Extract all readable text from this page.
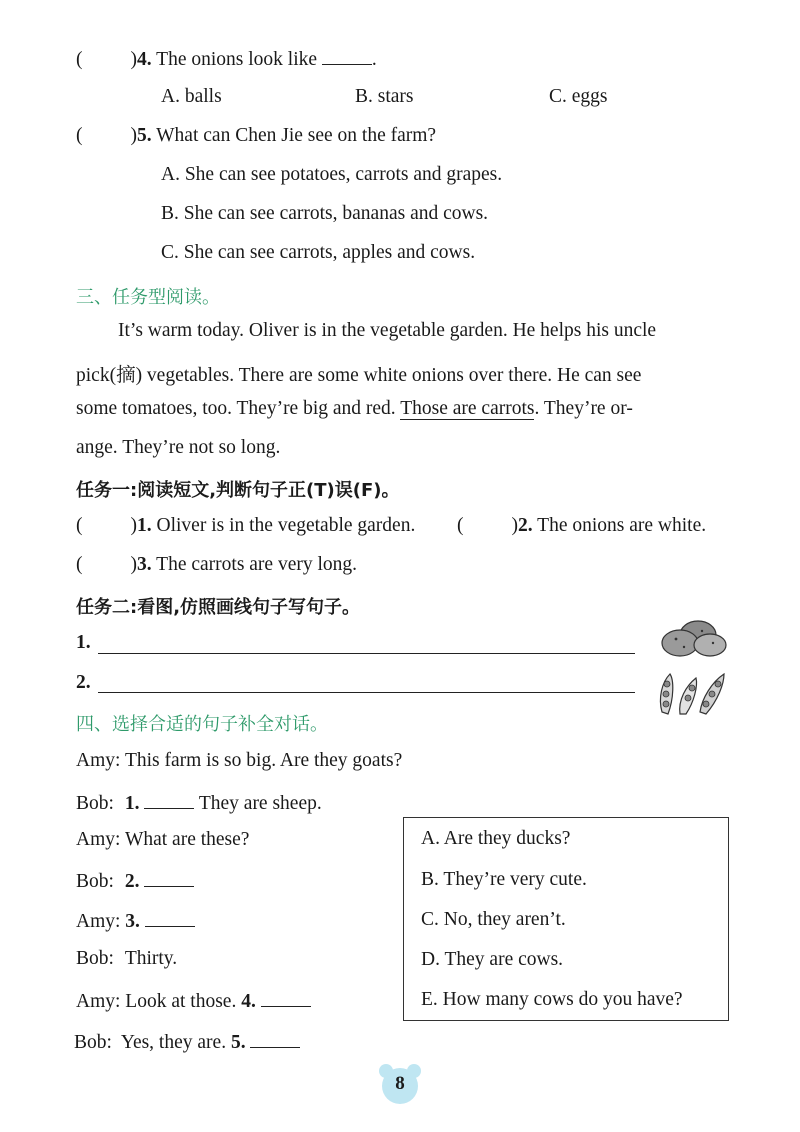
( )4. The onions look like	.
A. balls	B. stars	C. eggs
( )5. What can Chen Jie see on the farm?
A. She can see potatoes, carrots and grapes.
B. She can see carrots, bananas and cows.
C. She can see carrots, apples and cows.
三、任务型阅读。
It’s warm today. Oliver is in the vegetable garden. He helps his uncle
pick(摘) vegetables. There are some white onions over there. He can see
some tomatoes, too. They’re big and red. Those are carrots. They’re or-
ange. They’re not so long.
任务一:阅读短文,判断句子正(T)误(F)。
( )1. Oliver is in the vegetable garden. ( )2. The onions are white.
( )3. The carrots are very long.
任务二:看图,仿照画线句子写句子。
1.
2.
四、选择合适的句子补全对话。
Amy: This farm is so big. Are they goats?
Bob: 1.	They are sheep.
Amy: What are these?
Bob: 2.
Amy: 3.
Bob: Thirty.
Amy: Look at those. 4.
Bob: Yes, they are. 5.
A. Are they ducks?
B. They’re very cute.
C. No, they aren’t.
D. They are cows.
E. How many cows do you have?
8
